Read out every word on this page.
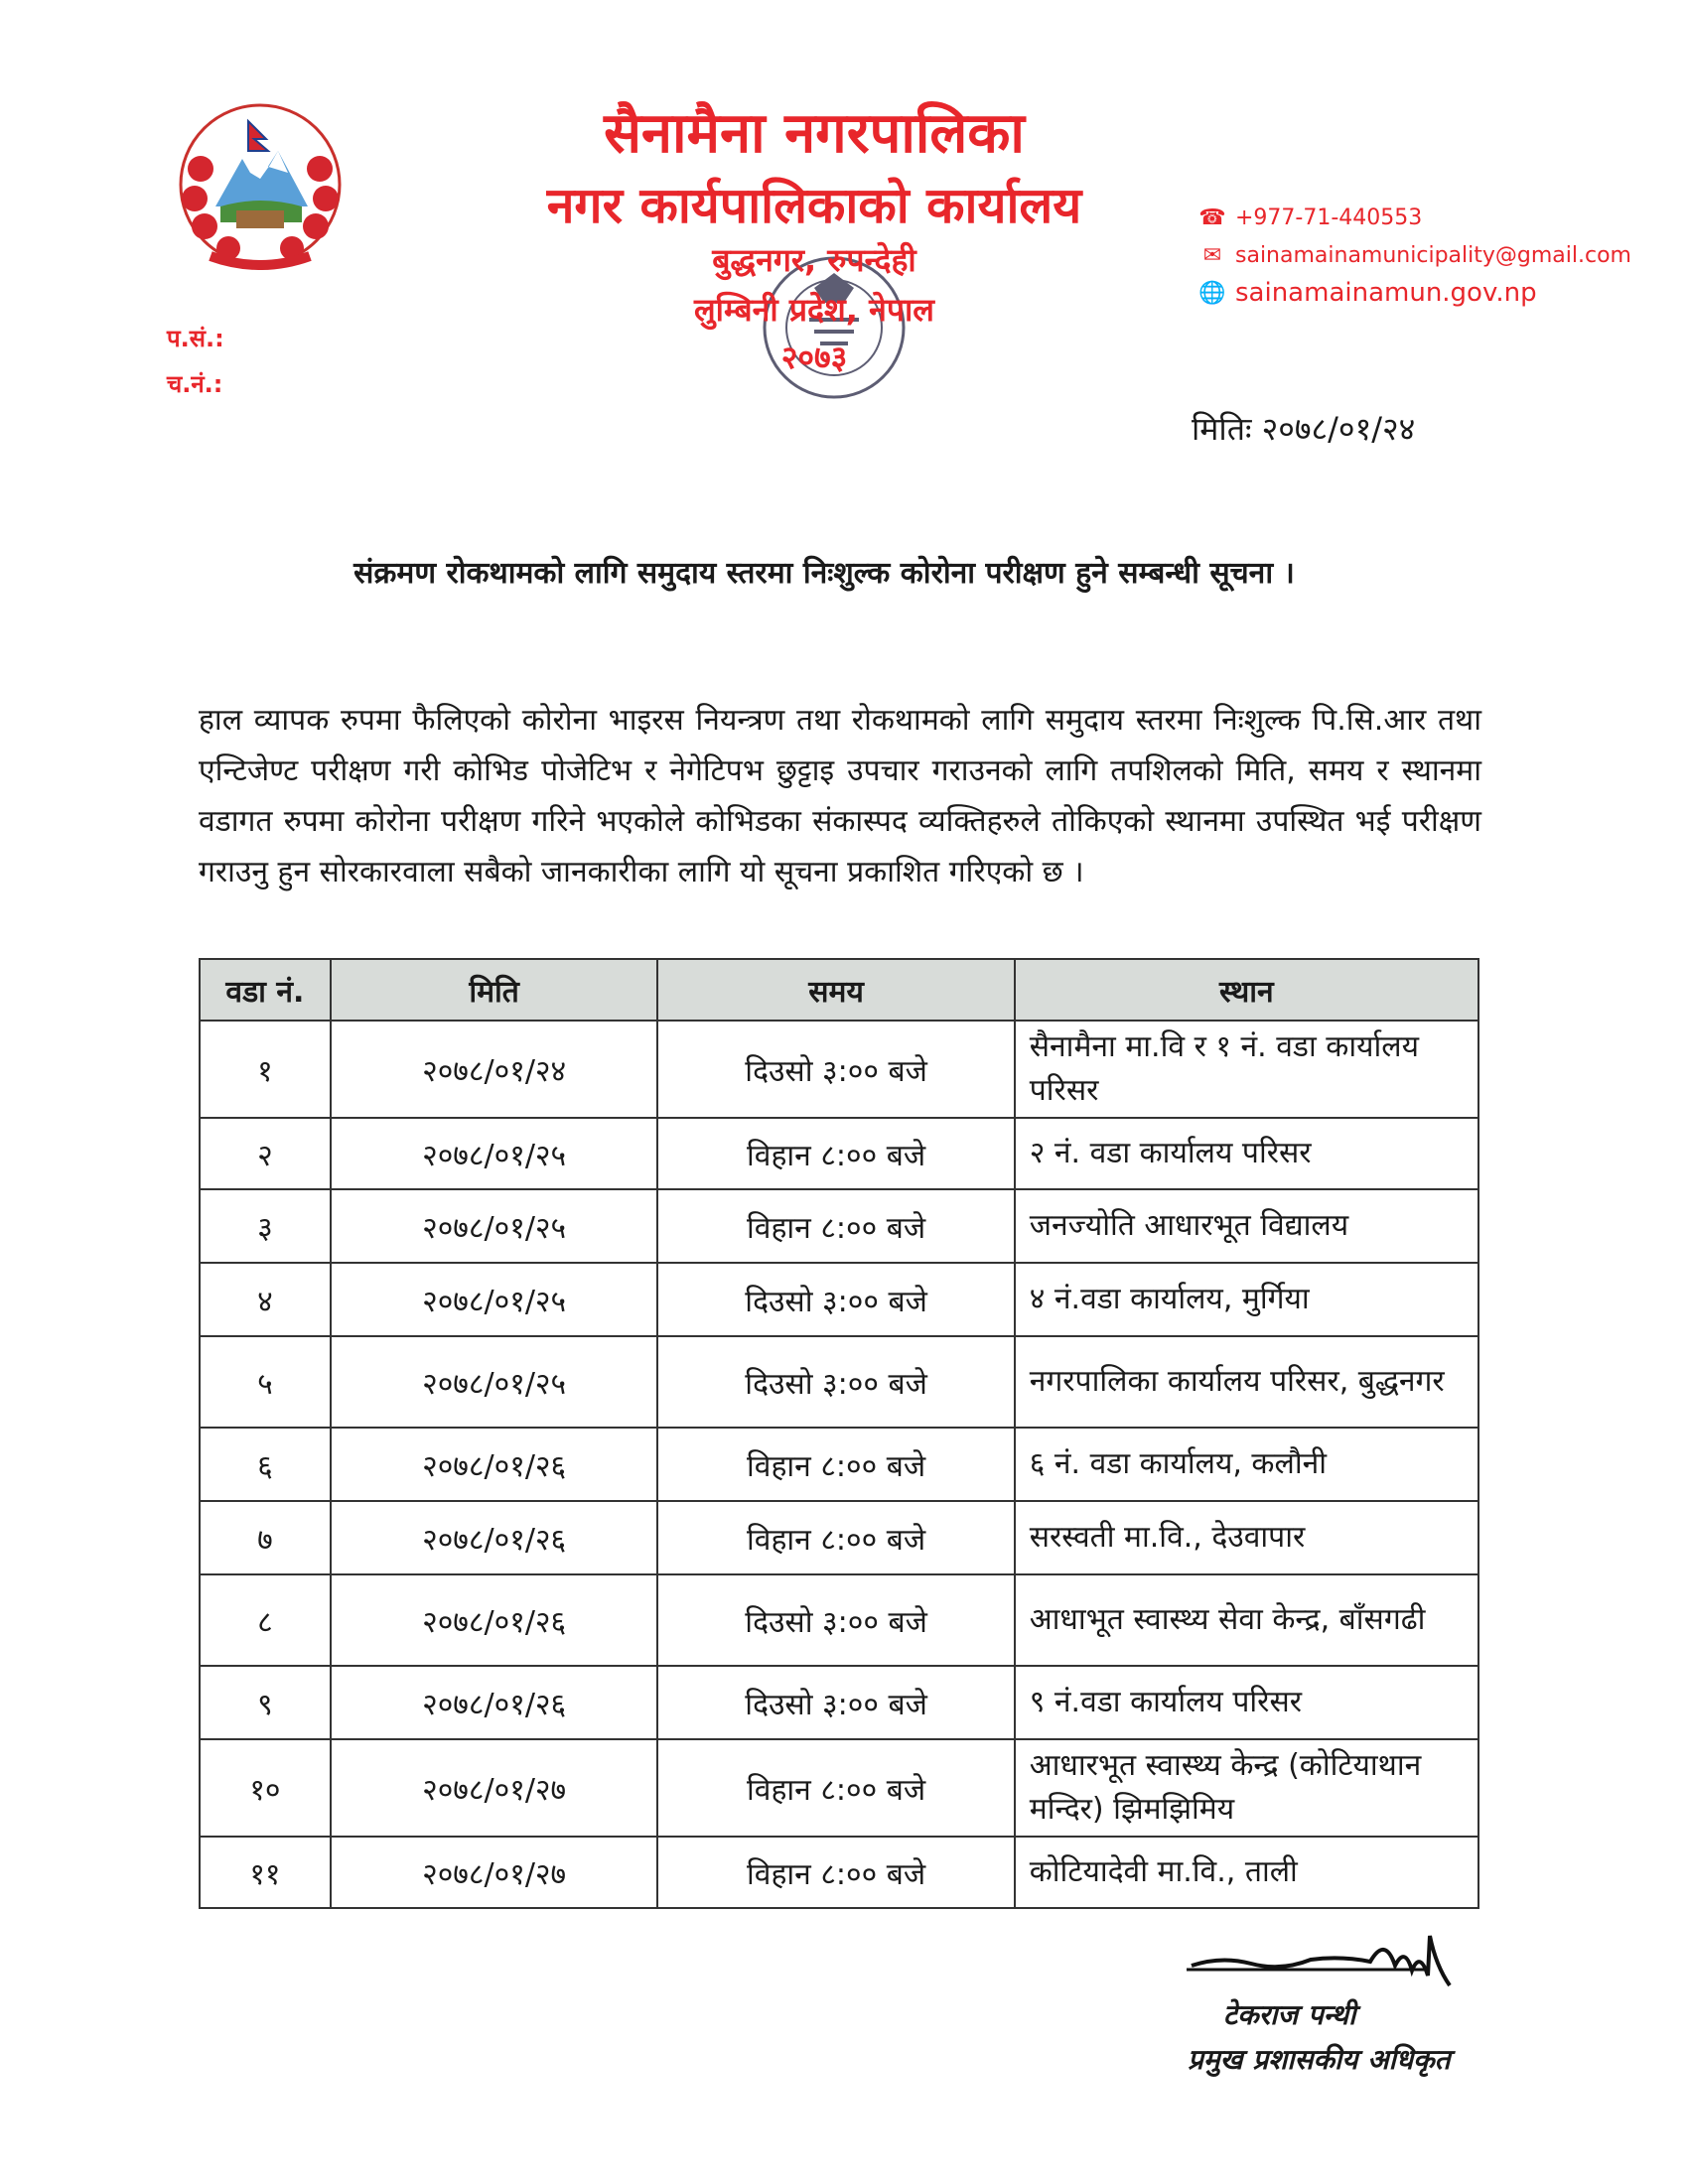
सैनामैना नगरपालिका
नगर कार्यपालिकाको कार्यालय
बुद्धनगर, रुपन्देही
लुम्बिनी प्रदेश, नेपाल
२०७३
☎ +977-71-440553
✉ sainamainamunicipality@gmail.com
🌐 sainamainamun.gov.np
प.सं.:
च.नं.:
मितिः २०७८/०१/२४
संक्रमण रोकथामको लागि समुदाय स्तरमा निःशुल्क कोरोना परीक्षण हुने सम्बन्धी सूचना ।
हाल व्यापक रुपमा फैलिएको कोरोना भाइरस नियन्त्रण तथा रोकथामको लागि समुदाय स्तरमा निःशुल्क पि.सि.आर तथा एन्टिजेण्ट परीक्षण गरी कोभिड पोजेटिभ र नेगेटिपभ छुट्टाइ उपचार गराउनको लागि तपशिलको मिति, समय र स्थानमा वडागत रुपमा कोरोना परीक्षण गरिने भएकोले कोभिडका संकास्पद व्यक्तिहरुले तोकिएको स्थानमा उपस्थित भई परीक्षण गराउनु हुन सोरकारवाला सबैको जानकारीका लागि यो सूचना प्रकाशित गरिएको छ ।
वडा नं.	मिति	समय	स्थान
१	२०७८/०१/२४	दिउसो ३:०० बजे	सैनामैना मा.वि र १ नं. वडा कार्यालय परिसर
२	२०७८/०१/२५	विहान ८:०० बजे	२ नं. वडा कार्यालय परिसर
३	२०७८/०१/२५	विहान ८:०० बजे	जनज्योति आधारभूत विद्यालय
४	२०७८/०१/२५	दिउसो ३:०० बजे	४ नं.वडा कार्यालय, मुर्गिया
५	२०७८/०१/२५	दिउसो ३:०० बजे	नगरपालिका कार्यालय परिसर, बुद्धनगर
६	२०७८/०१/२६	विहान ८:०० बजे	६ नं. वडा कार्यालय, कलौनी
७	२०७८/०१/२६	विहान ८:०० बजे	सरस्वती मा.वि., देउवापार
८	२०७८/०१/२६	दिउसो ३:०० बजे	आधाभूत स्वास्थ्य सेवा केन्द्र, बाँसगढी
९	२०७८/०१/२६	दिउसो ३:०० बजे	९ नं.वडा कार्यालय परिसर
१०	२०७८/०१/२७	विहान ८:०० बजे	आधारभूत स्वास्थ्य केन्द्र (कोटियाथान मन्दिर) झिमझिमिय
११	२०७८/०१/२७	विहान ८:०० बजे	कोटियादेवी मा.वि., ताली
टेकराज पन्थी
प्रमुख प्रशासकीय अधिकृत
